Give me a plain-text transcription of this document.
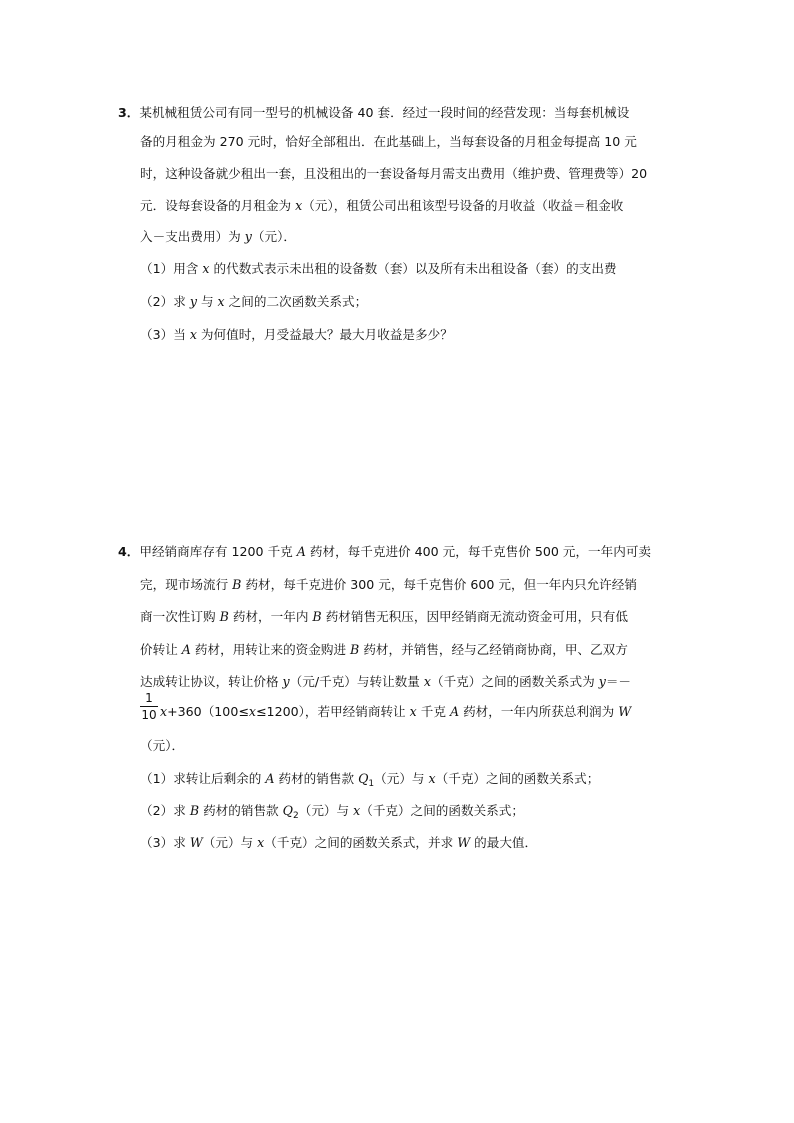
3．某机械租赁公司有同一型号的机械设备 40 套．经过一段时间的经营发现：当每套机械设
备的月租金为 270 元时，恰好全部租出．在此基础上，当每套设备的月租金每提高 10 元
时，这种设备就少租出一套，且没租出的一套设备每月需支出费用（维护费、管理费等）20
元．设每套设备的月租金为 x（元），租赁公司出租该型号设备的月收益（收益＝租金收
入－支出费用）为 y（元）．
（1）用含 x 的代数式表示未出租的设备数（套）以及所有未出租设备（套）的支出费
（2）求 y 与 x 之间的二次函数关系式；
（3）当 x 为何值时，月受益最大？最大月收益是多少？
4．甲经销商库存有 1200 千克 A 药材，每千克进价 400 元，每千克售价 500 元，一年内可卖
完，现市场流行 B 药材，每千克进价 300 元，每千克售价 600 元，但一年内只允许经销
商一次性订购 B 药材，一年内 B 药材销售无积压，因甲经销商无流动资金可用，只有低
价转让 A 药材，用转让来的资金购进 B 药材，并销售，经与乙经销商协商，甲、乙双方
达成转让协议，转让价格 y（元/千克）与转让数量 x（千克）之间的函数关系式为 y＝－
1
10 x+360（100≤x≤1200），若甲经销商转让 x 千克 A 药材，一年内所获总利润为 W
（元）．
（1）求转让后剩余的 A 药材的销售款 $Q_1$（元）与 x（千克）之间的函数关系式；
（2）求 B 药材的销售款 $Q_2$（元）与 x（千克）之间的函数关系式；
（3）求 W（元）与 x（千克）之间的函数关系式，并求 W 的最大值．
